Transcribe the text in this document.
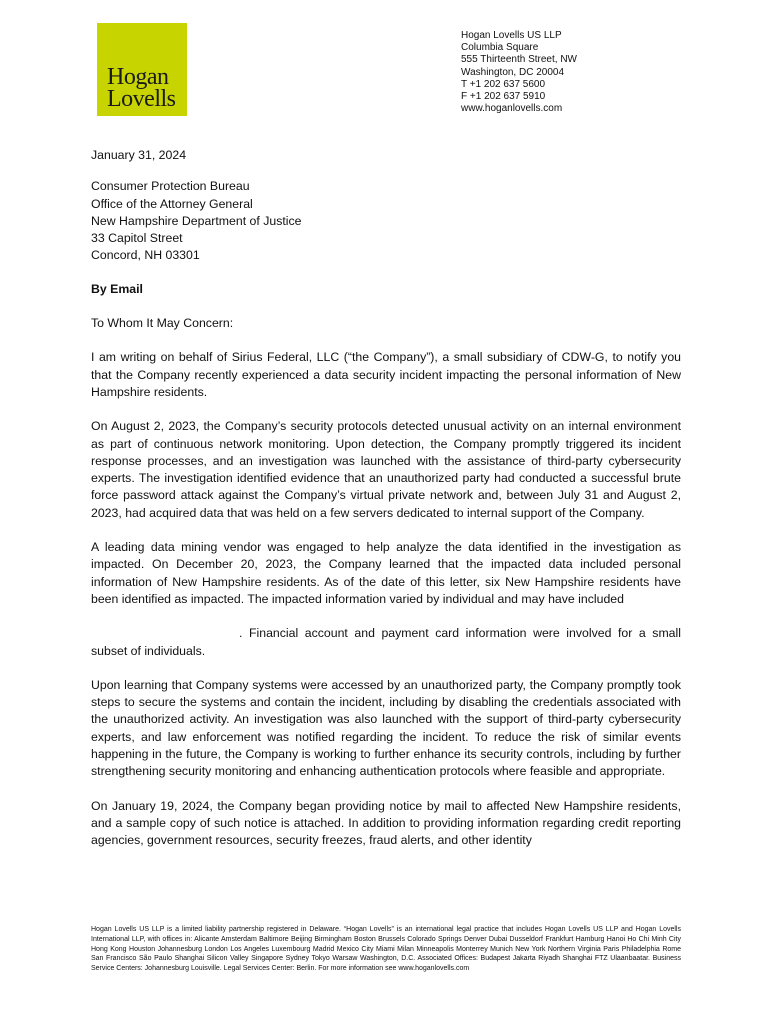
Hogan
Lovells
Hogan Lovells US LLP
Columbia Square
555 Thirteenth Street, NW
Washington, DC 20004
T +1 202 637 5600
F +1 202 637 5910
www.hoganlovells.com

January 31, 2024

Consumer Protection Bureau
Office of the Attorney General
New Hampshire Department of Justice
33 Capitol Street
Concord, NH 03301

By Email

To Whom It May Concern:

I am writing on behalf of Sirius Federal, LLC (“the Company”), a small subsidiary of CDW-G, to notify you that the Company recently experienced a data security incident impacting the personal information of New Hampshire residents.

On August 2, 2023, the Company’s security protocols detected unusual activity on an internal environment as part of continuous network monitoring. Upon detection, the Company promptly triggered its incident response processes, and an investigation was launched with the assistance of third-party cybersecurity experts. The investigation identified evidence that an unauthorized party had conducted a successful brute force password attack against the Company’s virtual private network and, between July 31 and August 2, 2023, had acquired data that was held on a few servers dedicated to internal support of the Company.

A leading data mining vendor was engaged to help analyze the data identified in the investigation as impacted. On December 20, 2023, the Company learned that the impacted data included personal information of New Hampshire residents. As of the date of this letter, six New Hampshire residents have been identified as impacted. The impacted information varied by individual and may have included

. Financial account and payment card information were involved for a small subset of individuals.

Upon learning that Company systems were accessed by an unauthorized party, the Company promptly took steps to secure the systems and contain the incident, including by disabling the credentials associated with the unauthorized activity. An investigation was also launched with the support of third-party cybersecurity experts, and law enforcement was notified regarding the incident. To reduce the risk of similar events happening in the future, the Company is working to further enhance its security controls, including by further strengthening security monitoring and enhancing authentication protocols where feasible and appropriate.

On January 19, 2024, the Company began providing notice by mail to affected New Hampshire residents, and a sample copy of such notice is attached. In addition to providing information regarding credit reporting agencies, government resources, security freezes, fraud alerts, and other identity

Hogan Lovells US LLP is a limited liability partnership registered in Delaware. “Hogan Lovells” is an international legal practice that includes Hogan Lovells US LLP and Hogan Lovells International LLP, with offices in: Alicante Amsterdam Baltimore Beijing Birmingham Boston Brussels Colorado Springs Denver Dubai Dusseldorf Frankfurt Hamburg Hanoi Ho Chi Minh City Hong Kong Houston Johannesburg London Los Angeles Luxembourg Madrid Mexico City Miami Milan Minneapolis Monterrey Munich New York Northern Virginia Paris Philadelphia Rome San Francisco São Paulo Shanghai Silicon Valley Singapore Sydney Tokyo Warsaw Washington, D.C. Associated Offices: Budapest Jakarta Riyadh Shanghai FTZ Ulaanbaatar. Business Service Centers: Johannesburg Louisville. Legal Services Center: Berlin. For more information see www.hoganlovells.com
